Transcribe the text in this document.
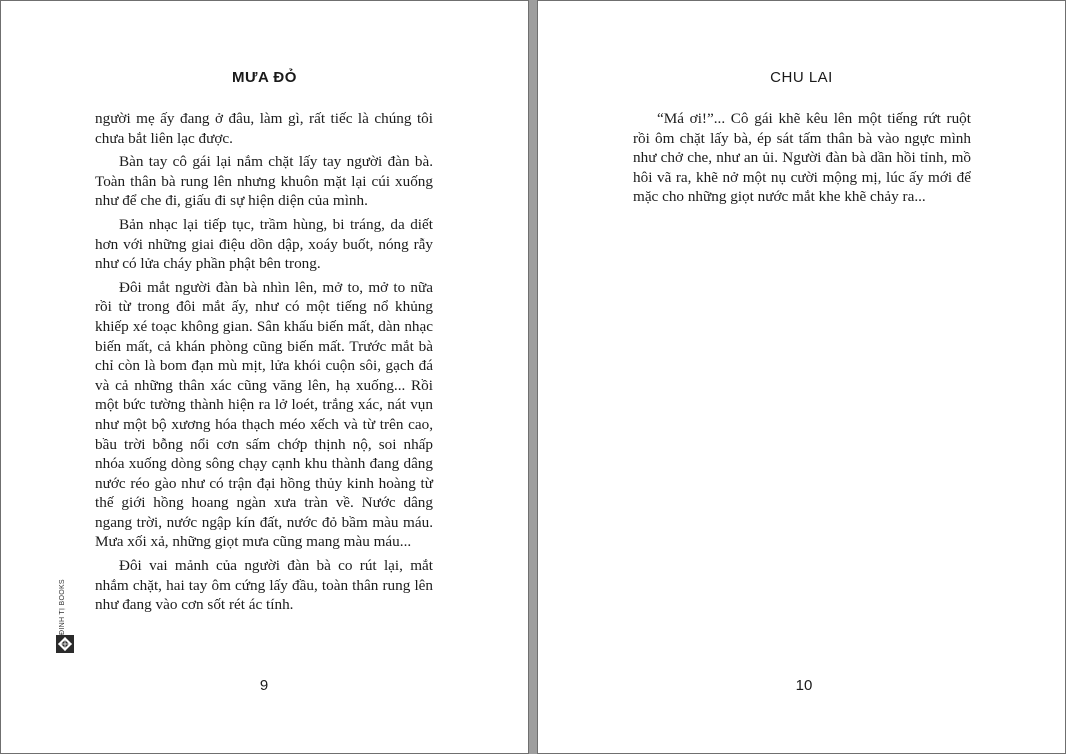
MƯA ĐỎ

người mẹ ấy đang ở đâu, làm gì, rất tiếc là chúng tôi chưa bắt liên lạc được.

Bàn tay cô gái lại nắm chặt lấy tay người đàn bà. Toàn thân bà rung lên nhưng khuôn mặt lại cúi xuống như để che đi, giấu đi sự hiện diện của mình.

Bản nhạc lại tiếp tục, trầm hùng, bi tráng, da diết hơn với những giai điệu dồn dập, xoáy buốt, nóng rẫy như có lửa cháy phần phật bên trong.

Đôi mắt người đàn bà nhìn lên, mở to, mở to nữa rồi từ trong đôi mắt ấy, như có một tiếng nổ khủng khiếp xé toạc không gian. Sân khấu biến mất, dàn nhạc biến mất, cả khán phòng cũng biến mất. Trước mắt bà chỉ còn là bom đạn mù mịt, lửa khói cuộn sôi, gạch đá và cả những thân xác cũng văng lên, hạ xuống... Rồi một bức tường thành hiện ra lở loét, trắng xác, nát vụn như một bộ xương hóa thạch méo xếch và từ trên cao, bầu trời bỗng nổi cơn sấm chớp thịnh nộ, soi nhấp nhóa xuống dòng sông chạy cạnh khu thành đang dâng nước réo gào như có trận đại hồng thủy kinh hoàng từ thế giới hồng hoang ngàn xưa tràn về. Nước dâng ngang trời, nước ngập kín đất, nước đỏ bầm màu máu. Mưa xối xả, những giọt mưa cũng mang màu máu...

Đôi vai mảnh của người đàn bà co rút lại, mắt nhắm chặt, hai tay ôm cứng lấy đầu, toàn thân rung lên như đang vào cơn sốt rét ác tính.

ĐINH TỊ BOOKS
9
CHU LAI

“Má ơi!”... Cô gái khẽ kêu lên một tiếng rứt ruột rồi ôm chặt lấy bà, ép sát tấm thân bà vào ngực mình như chở che, như an ủi. Người đàn bà dần hồi tỉnh, mồ hôi vã ra, khẽ nở một nụ cười mộng mị, lúc ấy mới để mặc cho những giọt nước mắt khe khẽ chảy ra...

10
